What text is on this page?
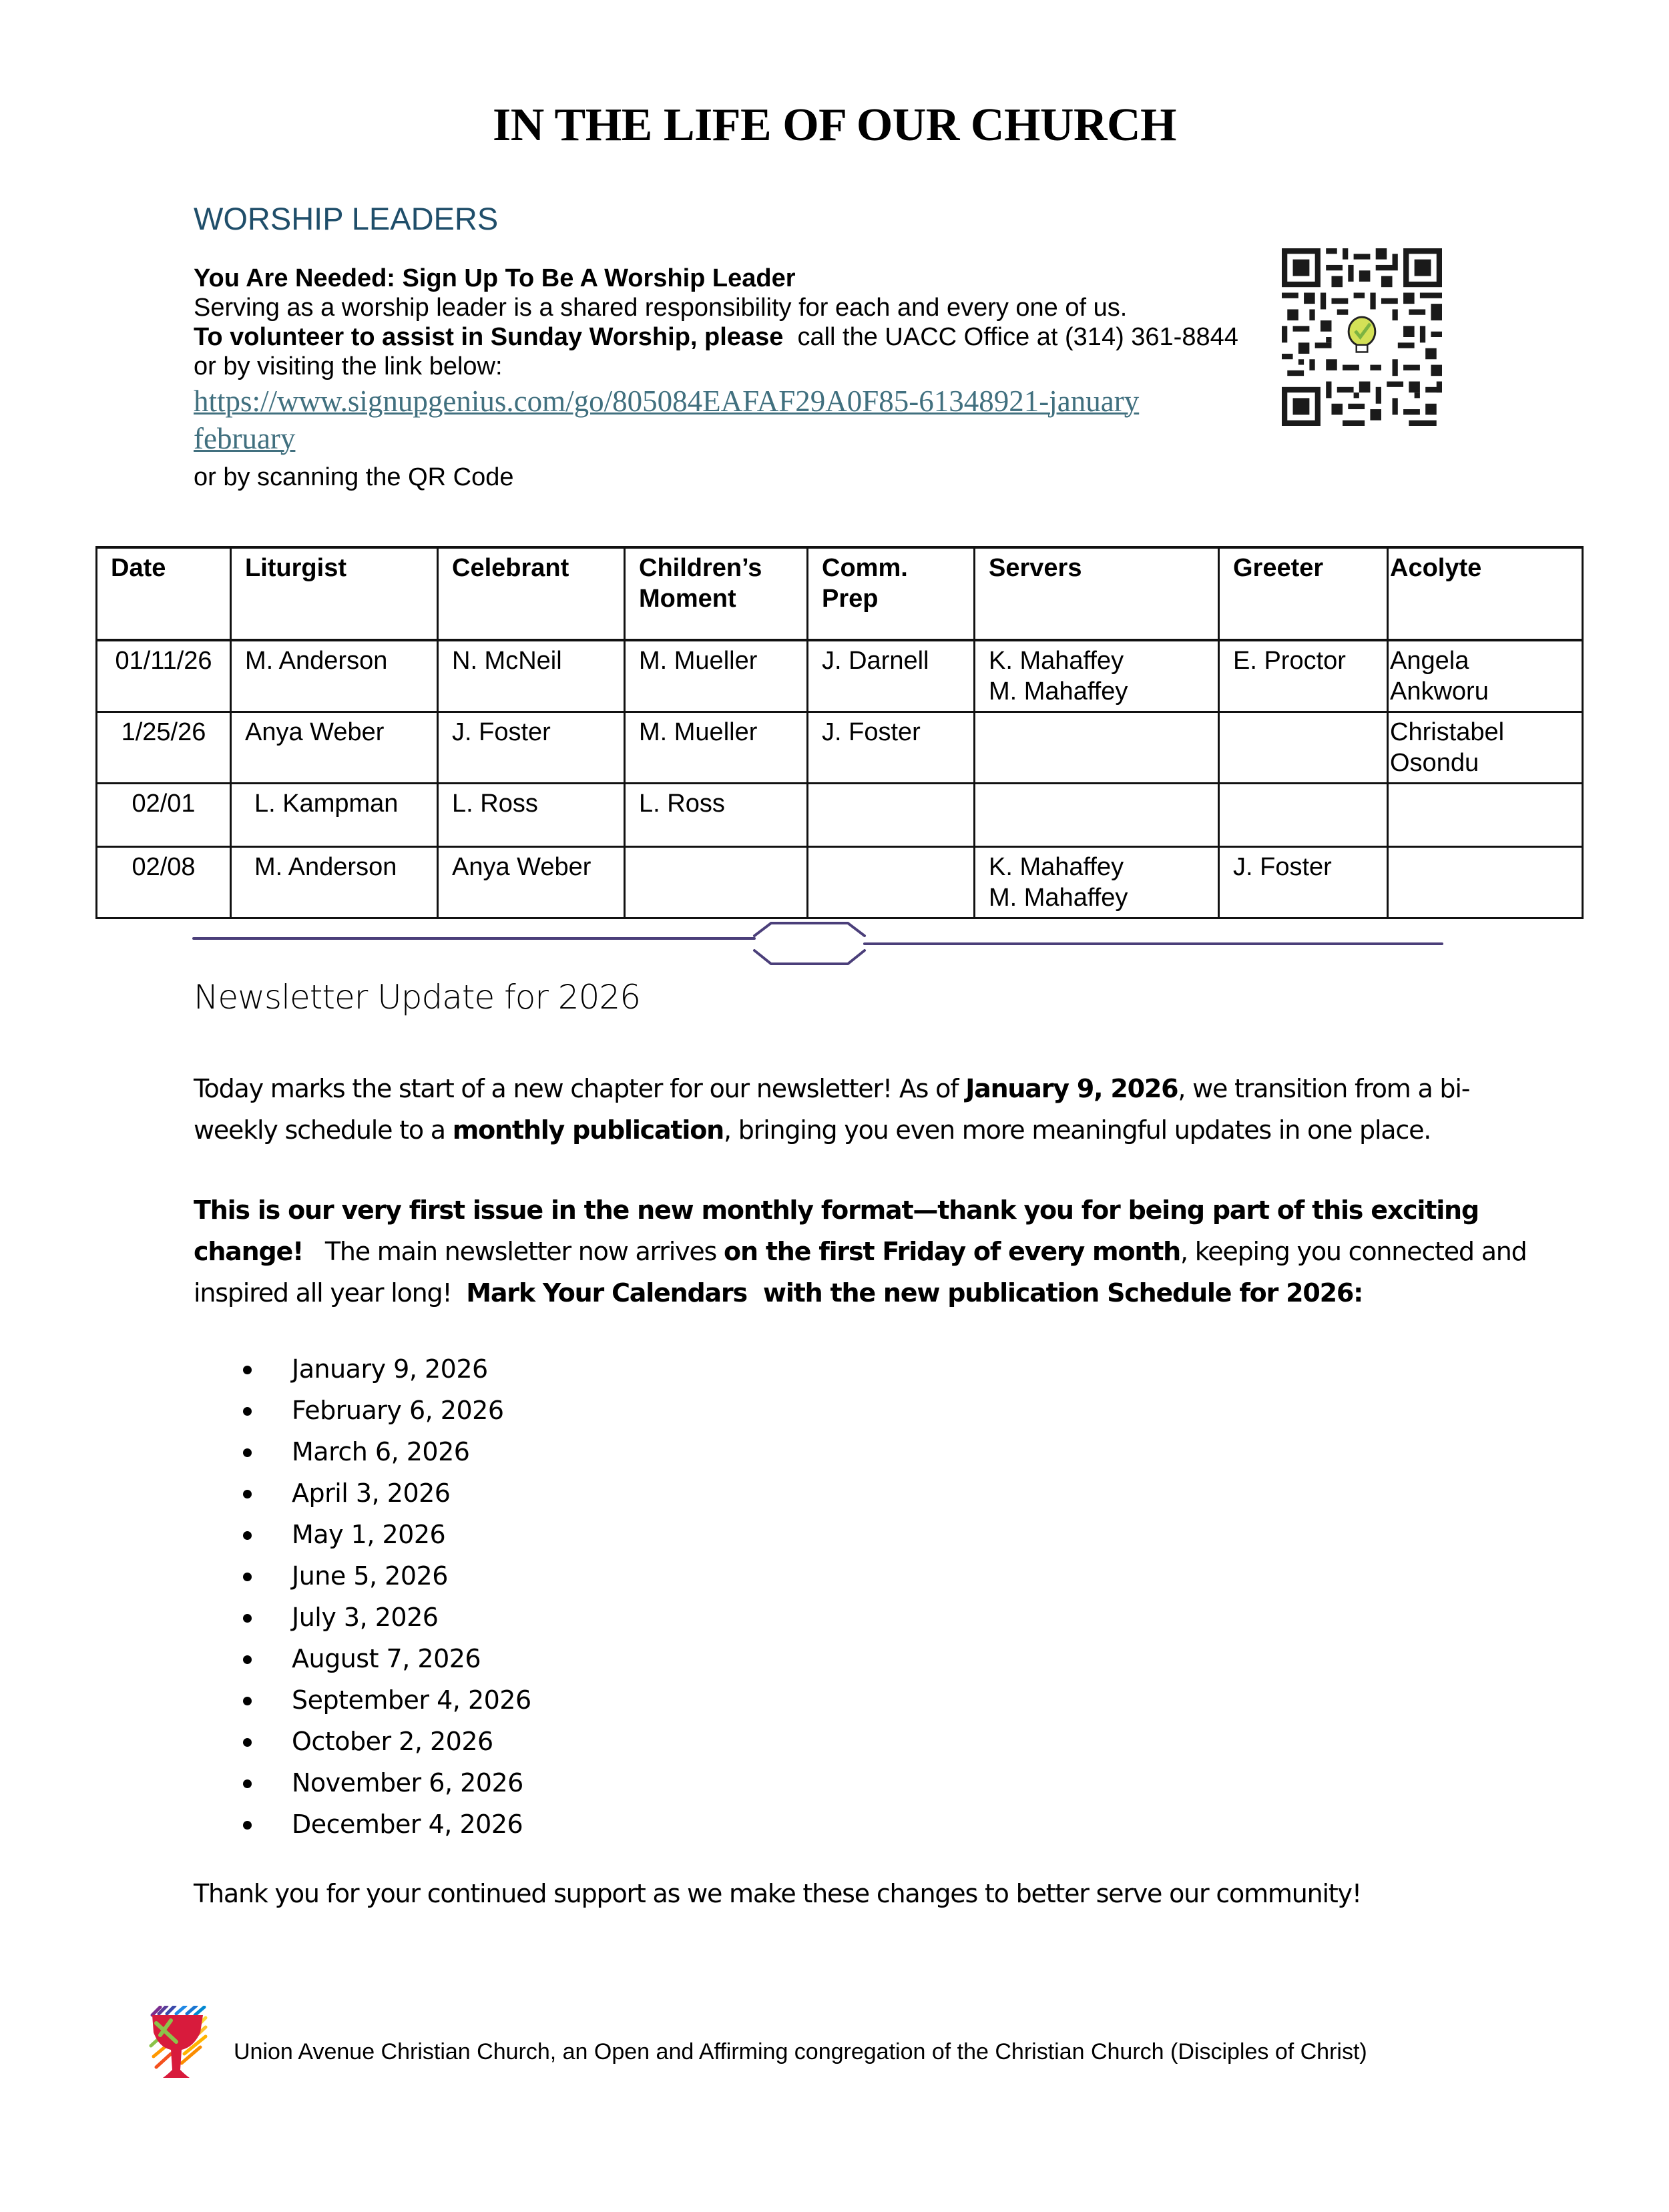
IN THE LIFE OF OUR CHURCH
WORSHIP LEADERS
You Are Needed: Sign Up To Be A Worship Leader
Serving as a worship leader is a shared responsibility for each and every one of us.
To volunteer to assist in Sunday Worship, please  call the UACC Office at (314) 361-8844 or by visiting the link below:
https://www.signupgenius.com/go/805084EAFAF29A0F85-61348921-januaryfebruary
or by scanning the QR Code
Date	Liturgist	Celebrant	Children’s Moment	Comm. Prep	Servers	Greeter	Acolyte
01/11/26	M. Anderson	N. McNeil	M. Mueller	J. Darnell	K. Mahaffey
M. Mahaffey
	E. Proctor	Angela
Ankworu

1/25/26	Anya Weber	J. Foster	M. Mueller	J. Foster			Christabel
Osondu

02/01	L. Kampman	L. Ross	L. Ross		

02/08	M. Anderson	Anya Weber			K. Mahaffey
M. Mahaffey	J. Foster	
Newsletter Update for 2026

Today marks the start of a new chapter for our newsletter! As of January 9, 2026, we transition from a bi-weekly schedule to a monthly publication, bringing you even more meaningful updates in one place.

This is our very first issue in the new monthly format—thank you for being part of this exciting change!   The main newsletter now arrives on the first Friday of every month, keeping you connected and inspired all year long!  Mark Your Calendars  with the new publication Schedule for 2026:

January 9, 2026
February 6, 2026
March 6, 2026
April 3, 2026
May 1, 2026
June 5, 2026
July 3, 2026
August 7, 2026
September 4, 2026
October 2, 2026
November 6, 2026
December 4, 2026
Thank you for your continued support as we make these changes to better serve our community!
Union Avenue Christian Church, an Open and Affirming congregation of the Christian Church (Disciples of Christ)
